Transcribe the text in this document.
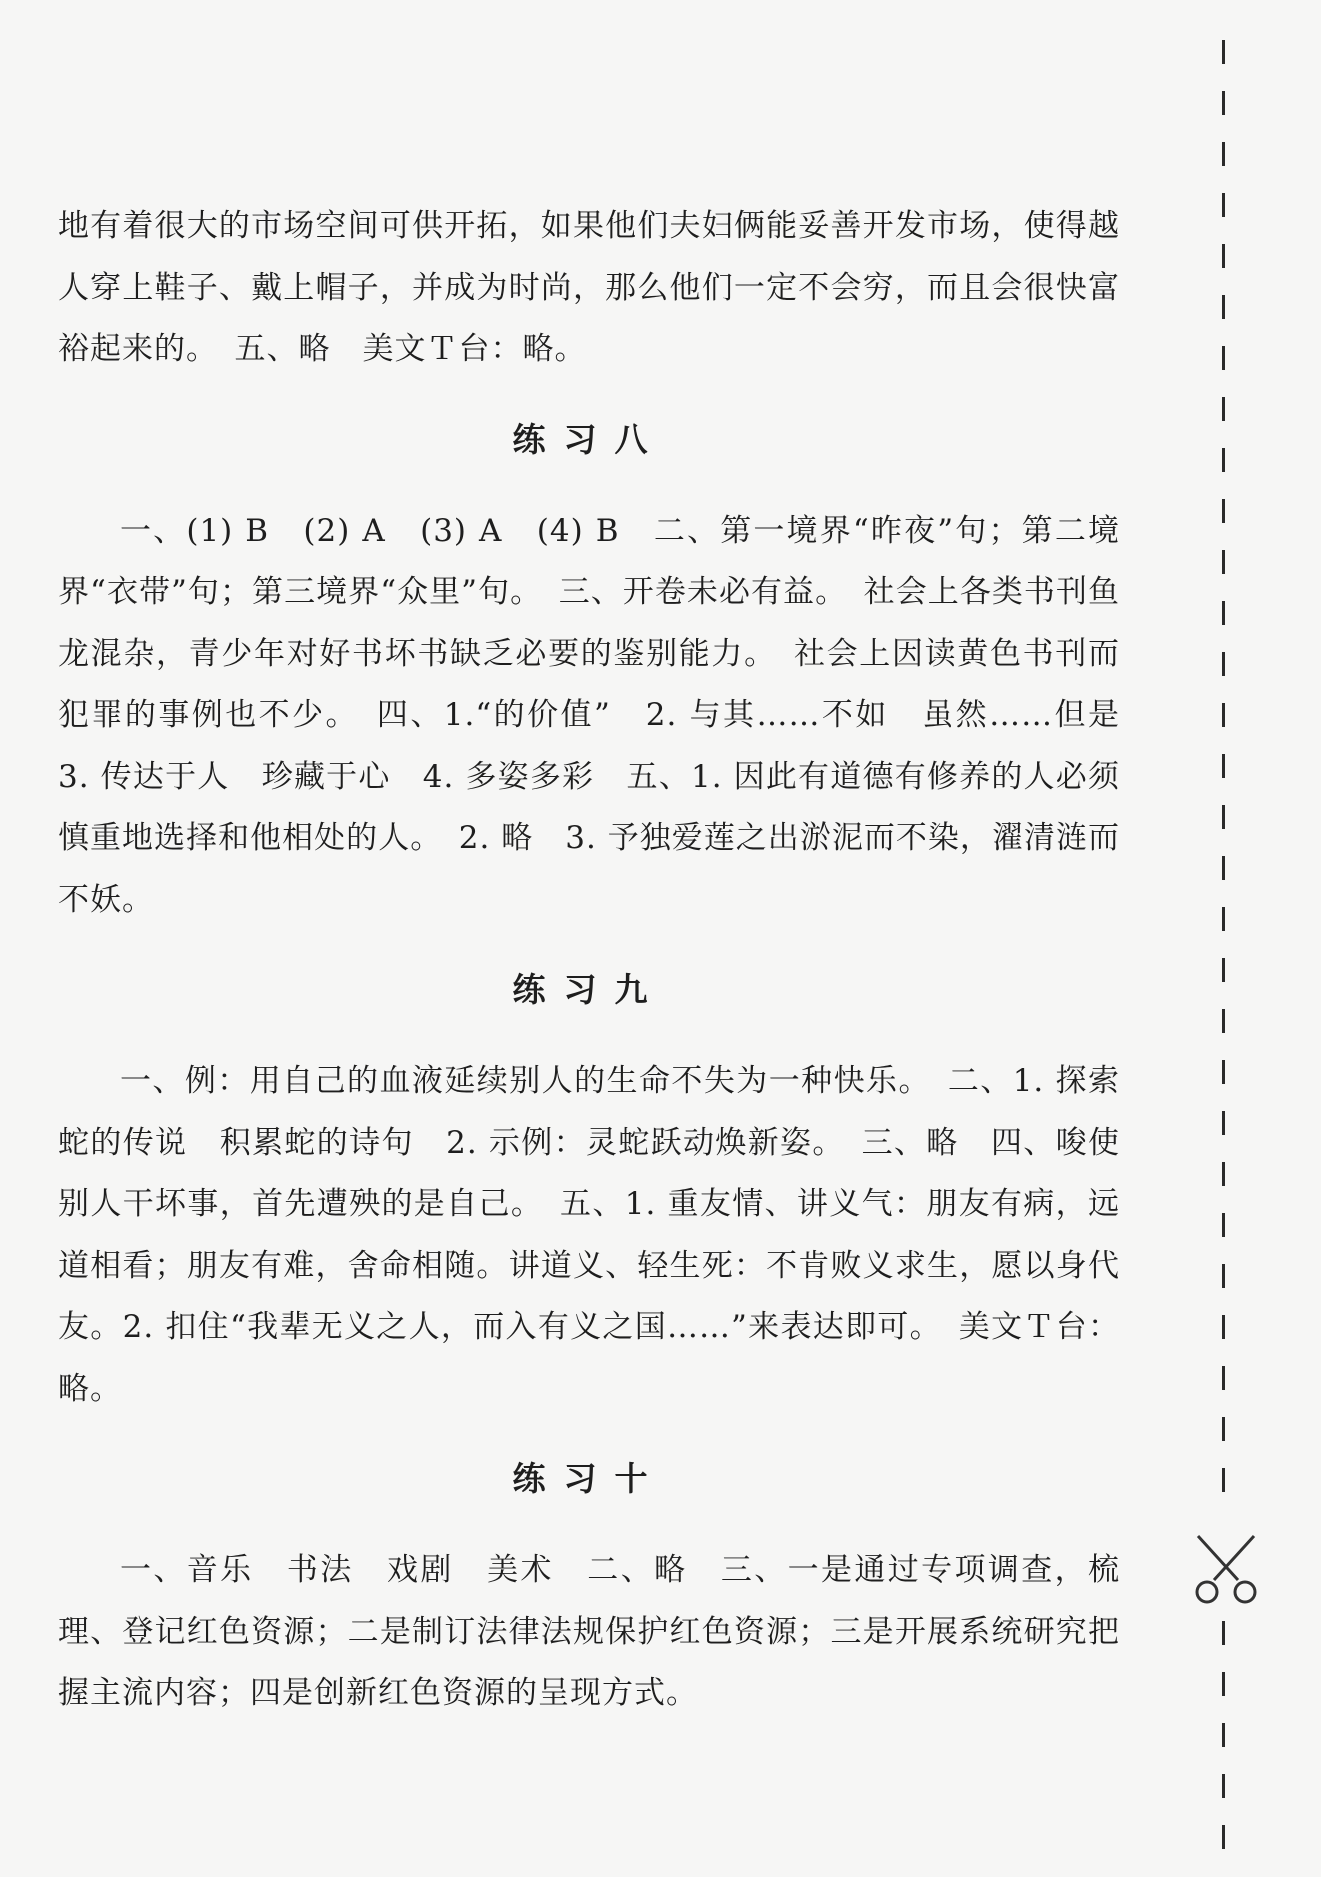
地有着很大的市场空间可供开拓，如果他们夫妇俩能妥善开发市场，使得越人穿上鞋子、戴上帽子，并成为时尚，那么他们一定不会穷，而且会很快富裕起来的。　五、略　美文Ｔ台：略。

练习八

一、(1) B　(2) A　(3) A　(4) B　二、第一境界“昨夜”句；第二境界“衣带”句；第三境界“众里”句。　三、开卷未必有益。　社会上各类书刊鱼龙混杂，青少年对好书坏书缺乏必要的鉴别能力。　社会上因读黄色书刊而犯罪的事例也不少。　四、1.“的价值”　2. 与其……不如　虽然……但是　3. 传达于人　珍藏于心　4. 多姿多彩　五、1. 因此有道德有修养的人必须慎重地选择和他相处的人。　2. 略　3. 予独爱莲之出淤泥而不染，濯清涟而不妖。

练习九

一、例：用自己的血液延续别人的生命不失为一种快乐。　二、1. 探索蛇的传说　积累蛇的诗句　2. 示例：灵蛇跃动焕新姿。　三、略　四、唆使别人干坏事，首先遭殃的是自己。　五、1. 重友情、讲义气：朋友有病，远道相看；朋友有难，舍命相随。讲道义、轻生死：不肯败义求生，愿以身代友。2. 扣住“我辈无义之人，而入有义之国……”来表达即可。　美文Ｔ台：略。

练习十

一、音乐　书法　戏剧　美术　二、略　三、一是通过专项调查，梳理、登记红色资源；二是制订法律法规保护红色资源；三是开展系统研究把握主流内容；四是创新红色资源的呈现方式。
